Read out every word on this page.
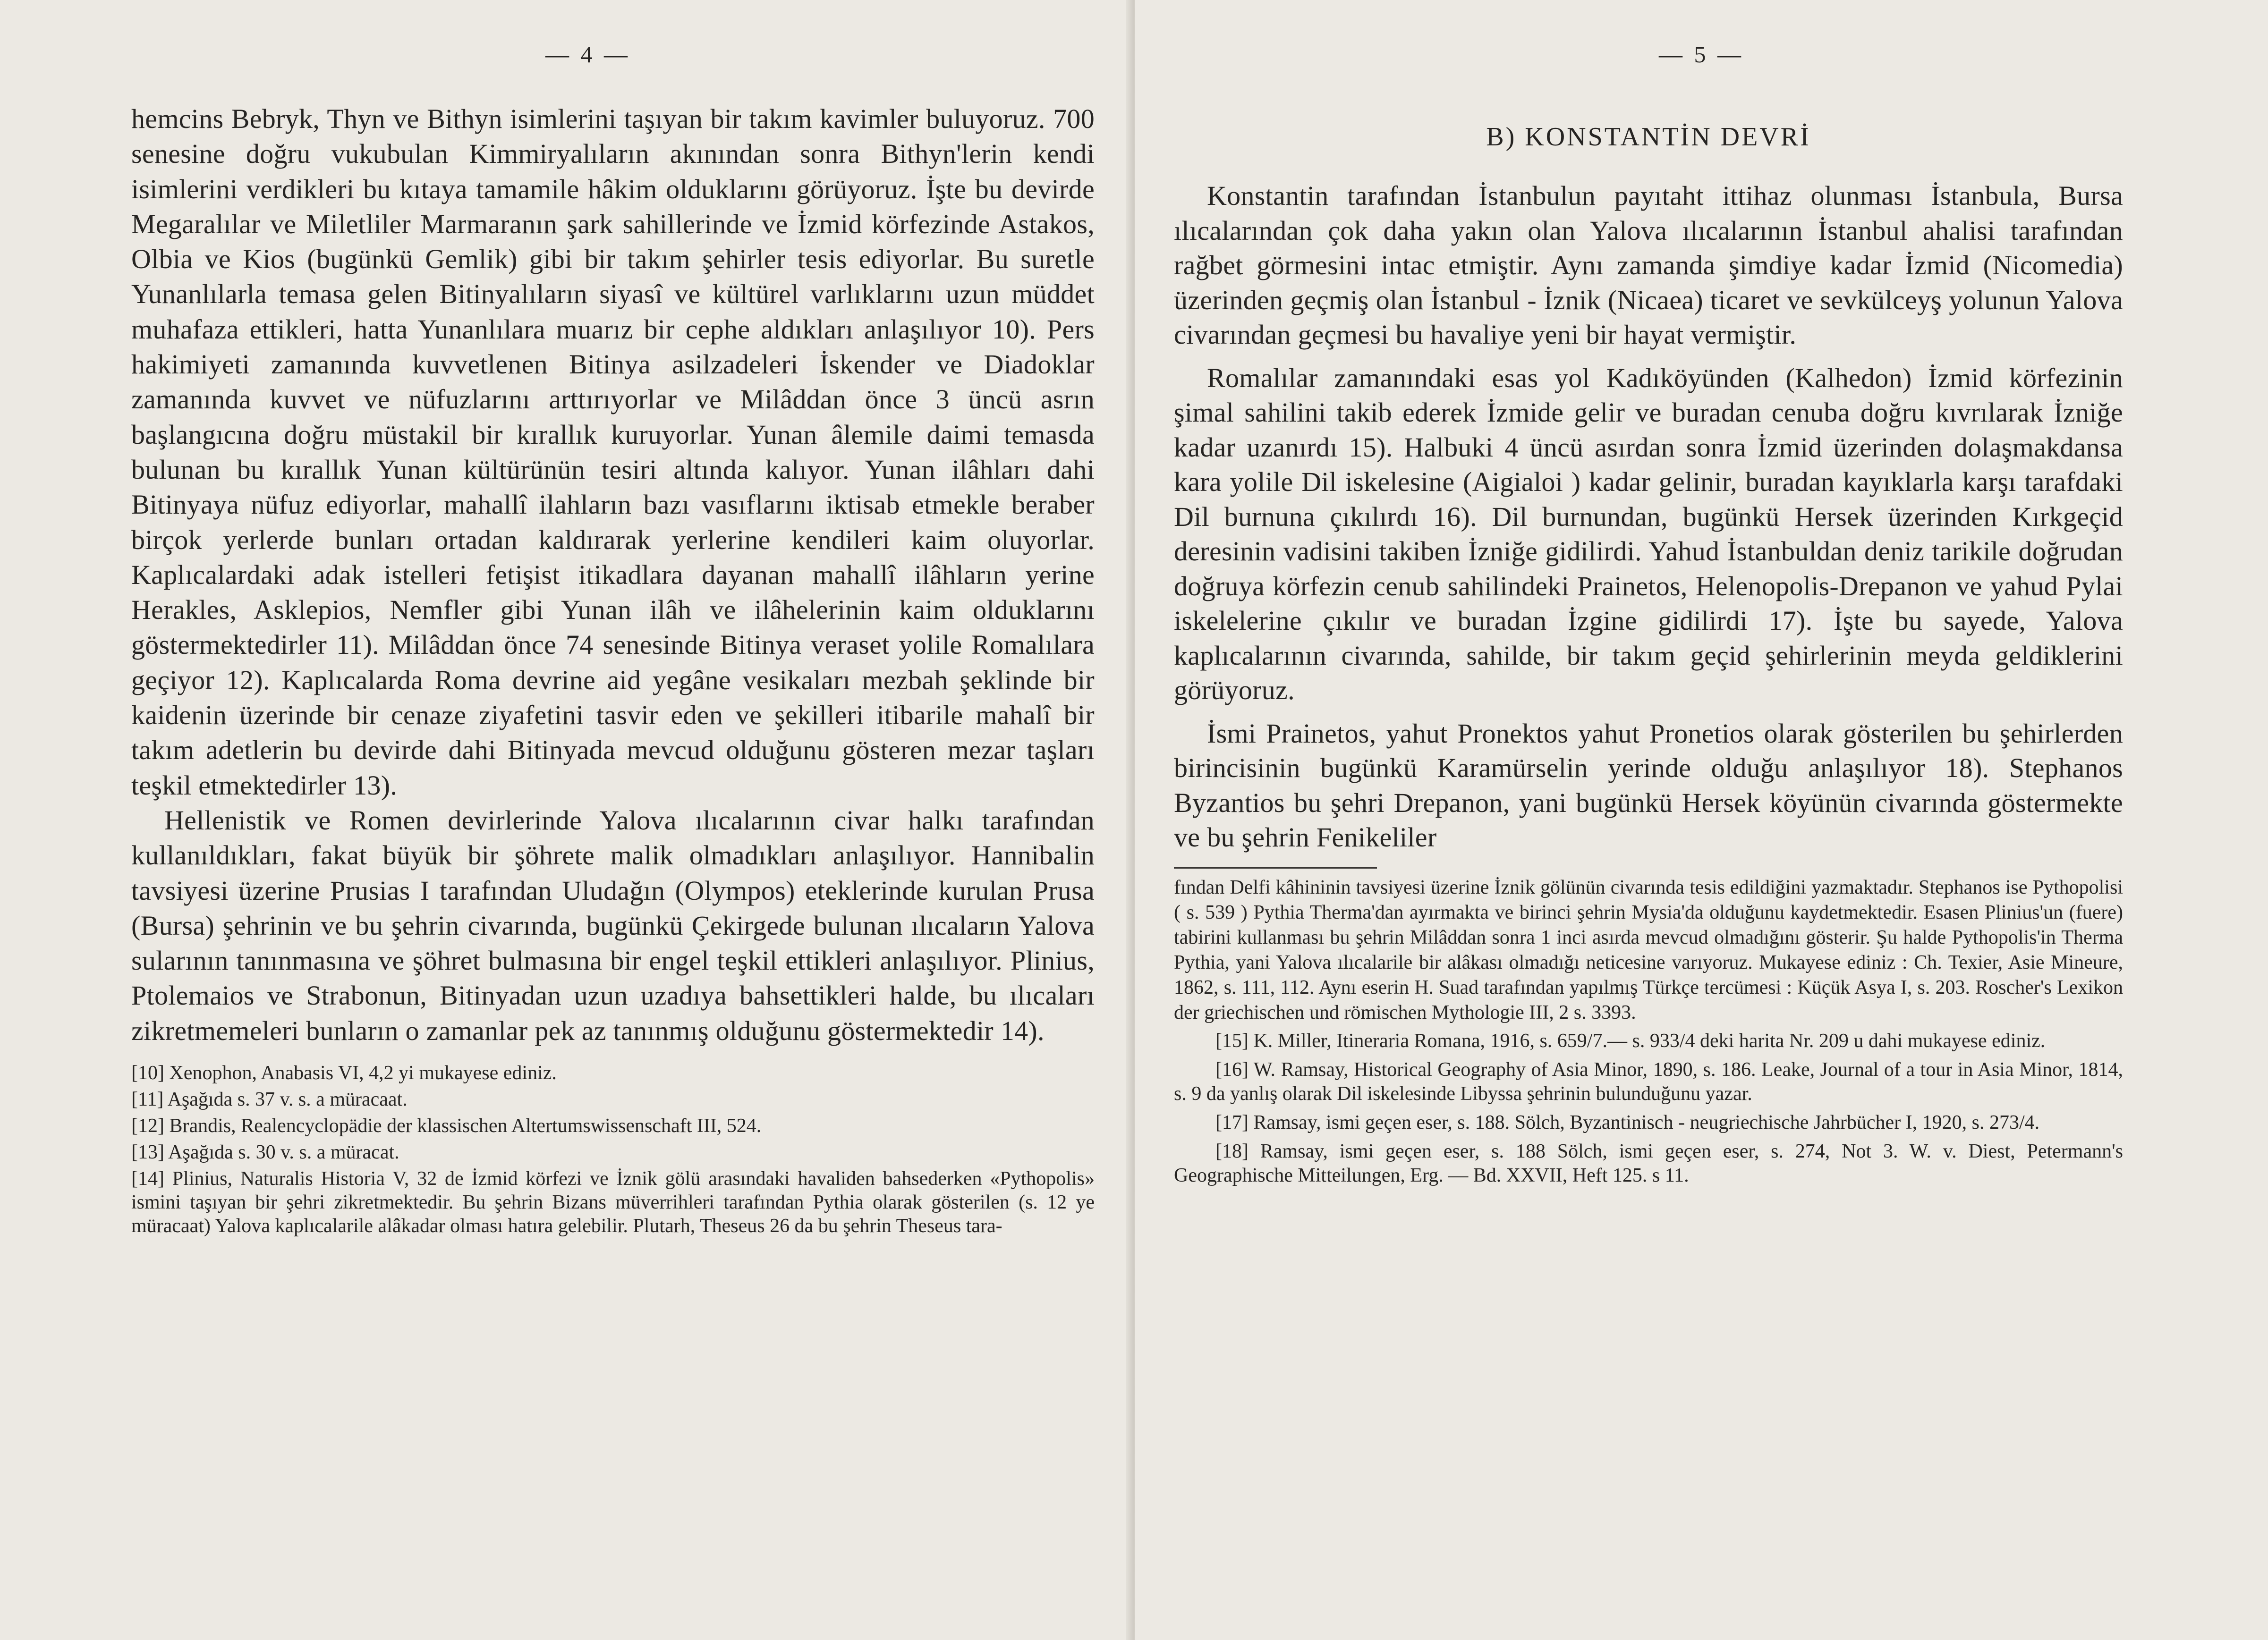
— 4 —

hemcins Bebryk, Thyn ve Bithyn isimlerini taşıyan bir takım kavimler buluyoruz. 700 senesine doğru vukubulan Kimmiryalıların akınından sonra Bithyn'lerin kendi isimlerini verdikleri bu kıtaya tamamile hâkim olduklarını görüyoruz. İşte bu devirde Megaralılar ve Miletliler Marmaranın şark sahillerinde ve İzmid körfezinde Astakos, Olbia ve Kios (bugünkü Gemlik) gibi bir takım şehirler tesis ediyorlar. Bu suretle Yunanlılarla temasa gelen Bitinyalıların siyasî ve kültürel varlıklarını uzun müddet muhafaza ettikleri, hatta Yunanlılara muarız bir cephe aldıkları anlaşılıyor 10). Pers hakimiyeti zamanında kuvvetlenen Bitinya asilzadeleri İskender ve Diadoklar zamanında kuvvet ve nüfuzlarını arttırıyorlar ve Milâddan önce 3 üncü asrın başlangıcına doğru müstakil bir kırallık kuruyorlar. Yunan âlemile daimi temasda bulunan bu kırallık Yunan kültürünün tesiri altında kalıyor. Yunan ilâhları dahi Bitinyaya nüfuz ediyorlar, mahallî ilahların bazı vasıflarını iktisab etmekle beraber birçok yerlerde bunları ortadan kaldırarak yerlerine kendileri kaim oluyorlar. Kaplıcalardaki adak istelleri fetişist itikadlara dayanan mahallî ilâhların yerine Herakles, Asklepios, Nemfler gibi Yunan ilâh ve ilâhelerinin kaim olduklarını göstermektedirler 11). Milâddan önce 74 senesinde Bitinya veraset yolile Romalılara geçiyor 12). Kaplıcalarda Roma devrine aid yegâne vesikaları mezbah şeklinde bir kaidenin üzerinde bir cenaze ziyafetini tasvir eden ve şekilleri itibarile mahalî bir takım adetlerin bu devirde dahi Bitinyada mevcud olduğunu gösteren mezar taşları teşkil etmektedirler 13).

Hellenistik ve Romen devirlerinde Yalova ılıcalarının civar halkı tarafından kullanıldıkları, fakat büyük bir şöhrete malik olmadıkları anlaşılıyor. Hannibalin tavsiyesi üzerine Prusias I tarafından Uludağın (Olympos) eteklerinde kurulan Prusa (Bursa) şehrinin ve bu şehrin civarında, bugünkü Çekirgede bulunan ılıcaların Yalova sularının tanınmasına ve şöhret bulmasına bir engel teşkil ettikleri anlaşılıyor. Plinius, Ptolemaios ve Strabonun, Bitinyadan uzun uzadıya bahsettikleri halde, bu ılıcaları zikretmemeleri bunların o zamanlar pek az tanınmış olduğunu göstermektedir 14).

[10] Xenophon, Anabasis VI, 4,2 yi mukayese ediniz.

[11] Aşağıda s. 37 v. s. a müracaat.

[12] Brandis, Realencyclopädie der klassischen Altertumswissenschaft III, 524.

[13] Aşağıda s. 30 v. s. a müracat.

[14] Plinius, Naturalis Historia V, 32 de İzmid körfezi ve İznik gölü arasındaki havaliden bahsederken «Pythopolis» ismini taşıyan bir şehri zikretmektedir. Bu şehrin Bizans müverrihleri tarafından Pythia olarak gösterilen (s. 12 ye müracaat) Yalova kaplıcalarile alâkadar olması hatıra gelebilir. Plutarh, Theseus 26 da bu şehrin Theseus tara-

— 5 —
B) KONSTANTİN DEVRİ

Konstantin tarafından İstanbulun payıtaht ittihaz olunması İstanbula, Bursa ılıcalarından çok daha yakın olan Yalova ılıcalarının İstanbul ahalisi tarafından rağbet görmesini intac etmiştir. Aynı zamanda şimdiye kadar İzmid (Nicomedia) üzerinden geçmiş olan İstanbul - İznik (Nicaea) ticaret ve sevkülceyş yolunun Yalova civarından geçmesi bu havaliye yeni bir hayat vermiştir.

Romalılar zamanındaki esas yol Kadıköyünden (Kalhedon) İzmid körfezinin şimal sahilini takib ederek İzmide gelir ve buradan cenuba doğru kıvrılarak İzniğe kadar uzanırdı 15). Halbuki 4 üncü asırdan sonra İzmid üzerinden dolaşmakdansa kara yolile Dil iskelesine (Aigialoi ) kadar gelinir, buradan kayıklarla karşı tarafdaki Dil burnuna çıkılırdı 16). Dil burnundan, bugünkü Hersek üzerinden Kırkgeçid deresinin vadisini takiben İzniğe gidilirdi. Yahud İstanbuldan deniz tarikile doğrudan doğruya körfezin cenub sahilindeki Prainetos, Helenopolis-Drepanon ve yahud Pylai iskelelerine çıkılır ve buradan İzgine gidilirdi 17). İşte bu sayede, Yalova kaplıcalarının civarında, sahilde, bir takım geçid şehirlerinin meyda geldiklerini görüyoruz.

İsmi Prainetos, yahut Pronektos yahut Pronetios olarak gösterilen bu şehirlerden birincisinin bugünkü Karamürselin yerinde olduğu anlaşılıyor 18). Stephanos Byzantios bu şehri Drepanon, yani bugünkü Hersek köyünün civarında göstermekte ve bu şehrin Fenikeliler

fından Delfi kâhininin tavsiyesi üzerine İznik gölünün civarında tesis edildiğini yazmaktadır. Stephanos ise Pythopolisi ( s. 539 ) Pythia Therma'dan ayırmakta ve birinci şehrin Mysia'da olduğunu kaydetmektedir. Esasen Plinius'un (fuere) tabirini kullanması bu şehrin Milâddan sonra 1 inci asırda mevcud olmadığını gösterir. Şu halde Pythopolis'in Therma Pythia, yani Yalova ılıcalarile bir alâkası olmadığı neticesine varıyoruz. Mukayese ediniz : Ch. Texier, Asie Mineure, 1862, s. 111, 112. Aynı eserin H. Suad tarafından yapılmış Türkçe tercümesi : Küçük Asya I, s. 203. Roscher's Lexikon der griechischen und römischen Mythologie III, 2 s. 3393.

[15] K. Miller, Itineraria Romana, 1916, s. 659/7.— s. 933/4 deki harita Nr. 209 u dahi mukayese ediniz.

[16] W. Ramsay, Historical Geography of Asia Minor, 1890, s. 186. Leake, Journal of a tour in Asia Minor, 1814, s. 9 da yanlış olarak Dil iskelesinde Libyssa şehrinin bulunduğunu yazar.

[17] Ramsay, ismi geçen eser, s. 188. Sölch, Byzantinisch - neugriechische Jahrbücher I, 1920, s. 273/4.

[18] Ramsay, ismi geçen eser, s. 188 Sölch, ismi geçen eser, s. 274, Not 3. W. v. Diest, Petermann's Geographische Mitteilungen, Erg. — Bd. XXVII, Heft 125. s 11.
